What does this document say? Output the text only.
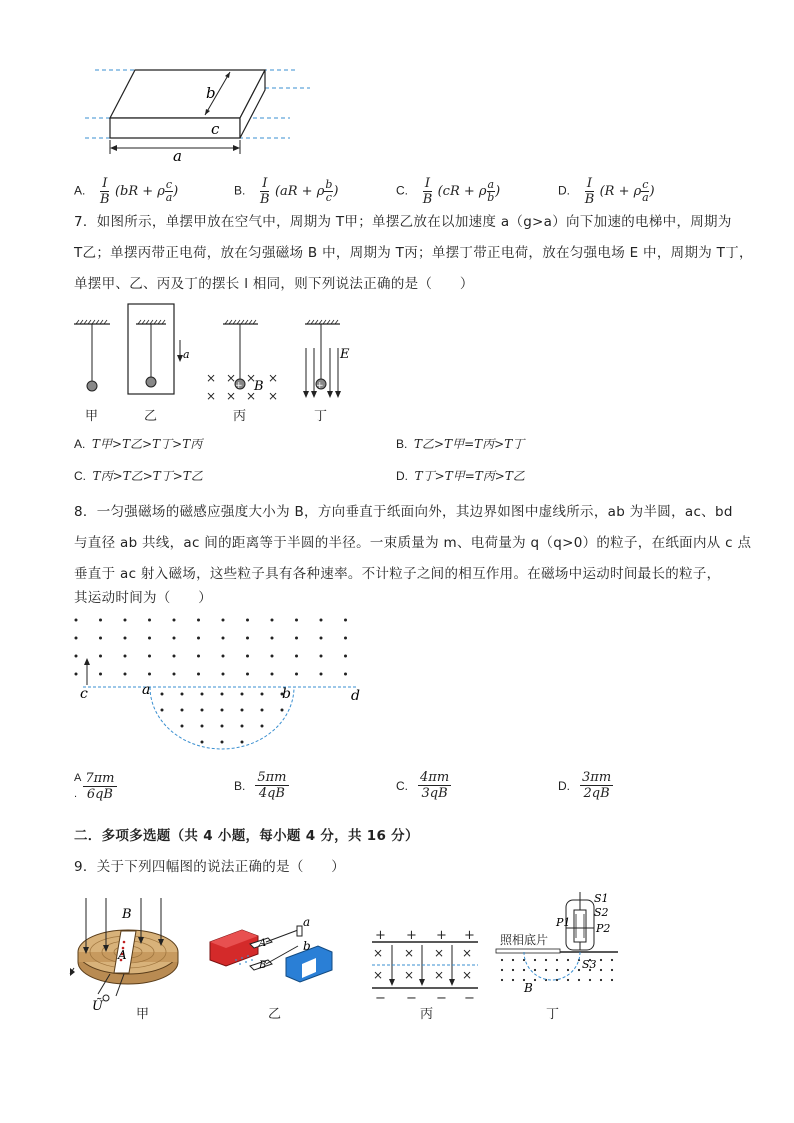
b
c
a
A. $\frac{I}{B} (bR + \rho \frac{c}{a}$ )	B. $\frac{I}{B} (aR + \rho \frac{b}{c}$ )	C. $\frac{I}{B} (cR + \rho \frac{a}{b}$ )	D. $\frac{I}{B} (R + \rho \frac{c}{a}$ )
7．如图所示，单摆甲放在空气中，周期为 T甲；单摆乙放在以加速度 a（g>a）向下加速的电梯中，周期为
T乙；单摆丙带正电荷，放在匀强磁场 B 中，周期为 T丙；单摆丁带正电荷，放在匀强电场 E 中，周期为 T丁，
单摆甲、乙、丙及丁的摆长 l 相同，则下列说法正确的是（　　）
a
+
× × × ×
× × × ×
B	+
E
甲	乙	丙	丁
A. T甲>T乙>T丁>T丙	B. T乙>T甲=T丙>T丁
C. T丙>T乙>T丁>T乙	D. T丁>T甲=T丙>T乙
8．一匀强磁场的磁感应强度大小为 B，方向垂直于纸面向外，其边界如图中虚线所示，ab 为半圆，ac、bd
与直径 ab 共线，ac 间的距离等于半圆的半径。一束质量为 m、电荷量为 q（q>0）的粒子，在纸面内从 c 点
垂直于 ac 射入磁场，这些粒子具有各种速率。不计粒子之间的相互作用。在磁场中运动时间最长的粒子，
其运动时间为（　　）
c	a	b	d
A
. $\frac{7\pi m}{6qB}$	B. $\frac{5\pi m}{4qB}$	C. $\frac{4\pi m}{3qB}$	D. $\frac{3\pi m}{2qB}$
二．多项多选题（共 4 小题，每小题 4 分，共 16 分）
9．关于下列四幅图的说法正确的是（　　）
B
A
Ũ
甲
a
b
A
B	S
乙
+ + + +
− − − −
× × × ×
× × × ×
丙
S1
S2
P1 P2
S3
B
照相底片
丁
